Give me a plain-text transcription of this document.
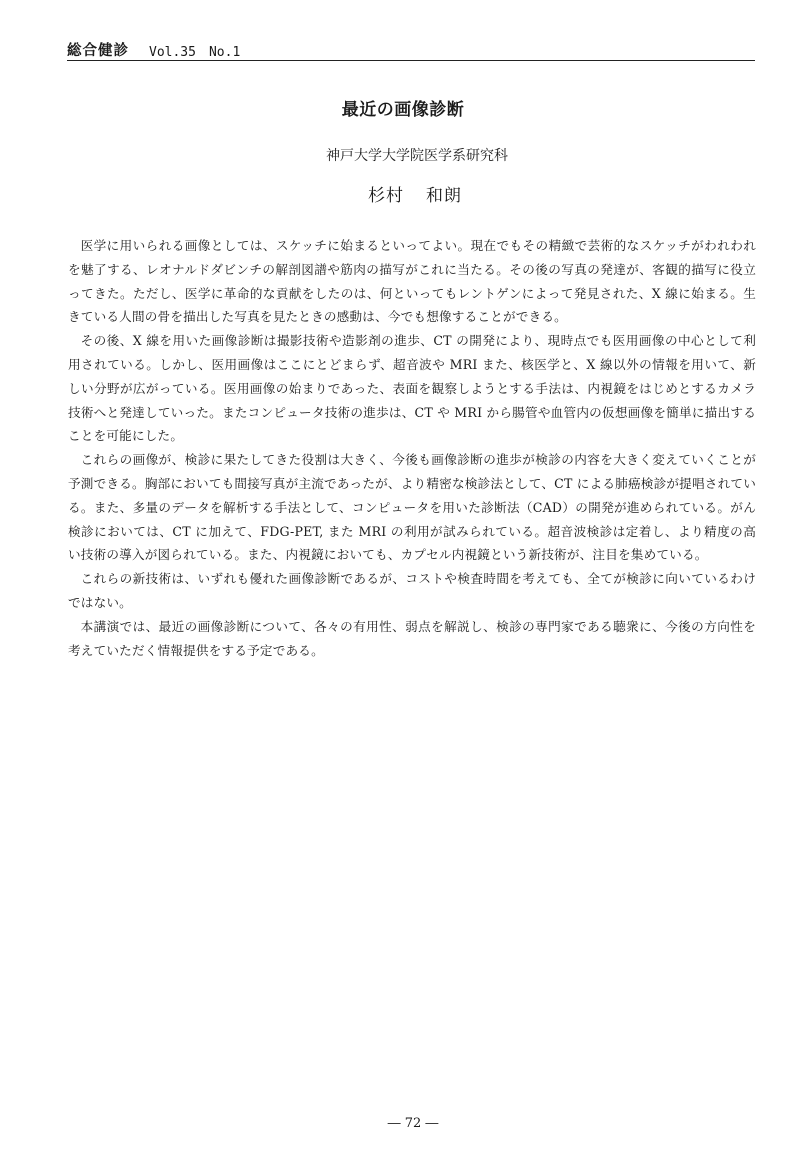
総合健診 Vol.35　No.1
最近の画像診断
神戸大学大学院医学系研究科
杉村 和朗

医学に用いられる画像としては、スケッチに始まるといってよい。現在でもその精緻で芸術的なスケッチがわれわれを魅了する、レオナルドダビンチの解剖図譜や筋肉の描写がこれに当たる。その後の写真の発達が、客観的描写に役立ってきた。ただし、医学に革命的な貢献をしたのは、何といってもレントゲンによって発見された、X 線に始まる。生きている人間の骨を描出した写真を見たときの感動は、今でも想像することができる。

その後、X 線を用いた画像診断は撮影技術や造影剤の進歩、CT の開発により、現時点でも医用画像の中心として利用されている。しかし、医用画像はここにとどまらず、超音波や MRI また、核医学と、X 線以外の情報を用いて、新しい分野が広がっている。医用画像の始まりであった、表面を観察しようとする手法は、内視鏡をはじめとするカメラ技術へと発達していった。またコンピュータ技術の進歩は、CT や MRI から腸管や血管内の仮想画像を簡単に描出することを可能にした。

これらの画像が、検診に果たしてきた役割は大きく、今後も画像診断の進歩が検診の内容を大きく変えていくことが予測できる。胸部においても間接写真が主流であったが、より精密な検診法として、CT による肺癌検診が提唱されている。また、多量のデータを解析する手法として、コンピュータを用いた診断法（CAD）の開発が進められている。がん検診においては、CT に加えて、FDG-PET, また MRI の利用が試みられている。超音波検診は定着し、より精度の高い技術の導入が図られている。また、内視鏡においても、カプセル内視鏡という新技術が、注目を集めている。

これらの新技術は、いずれも優れた画像診断であるが、コストや検査時間を考えても、全てが検診に向いているわけではない。

本講演では、最近の画像診断について、各々の有用性、弱点を解説し、検診の専門家である聴衆に、今後の方向性を考えていただく情報提供をする予定である。

― 72 ―
